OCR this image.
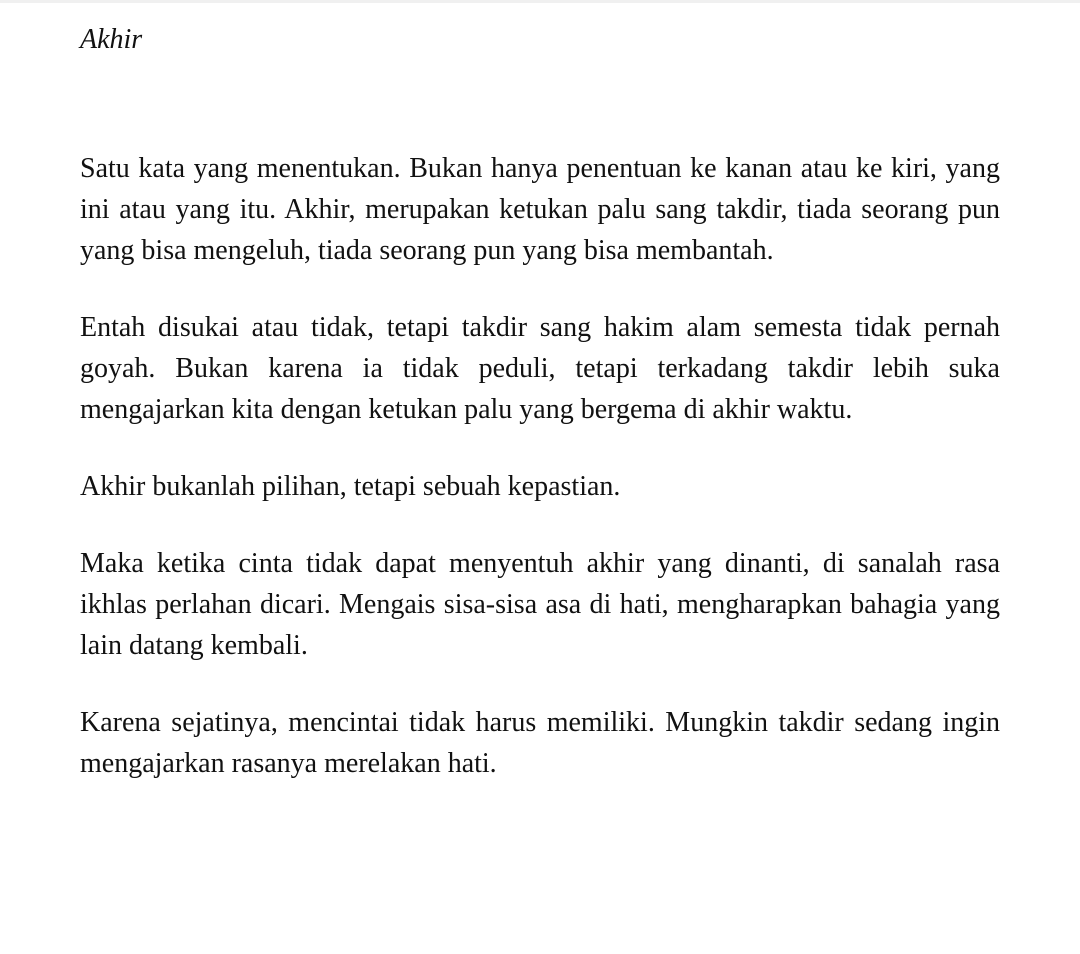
Akhir

Satu kata yang menentukan. Bukan hanya penentuan ke kanan atau ke kiri, yang ini atau yang itu. Akhir, merupakan ketukan palu sang takdir, tiada seorang pun yang bisa mengeluh, tiada seorang pun yang bisa membantah.

Entah disukai atau tidak, tetapi takdir sang hakim alam semesta tidak pernah goyah. Bukan karena ia tidak peduli, tetapi terkadang takdir lebih suka mengajarkan kita dengan ketukan palu yang bergema di akhir waktu.

Akhir bukanlah pilihan, tetapi sebuah kepastian.

Maka ketika cinta tidak dapat menyentuh akhir yang dinanti, di sanalah rasa ikhlas perlahan dicari. Mengais sisa-sisa asa di hati, mengharapkan bahagia yang lain datang kembali.

Karena sejatinya, mencintai tidak harus memiliki. Mungkin takdir sedang ingin mengajarkan rasanya merelakan hati.
